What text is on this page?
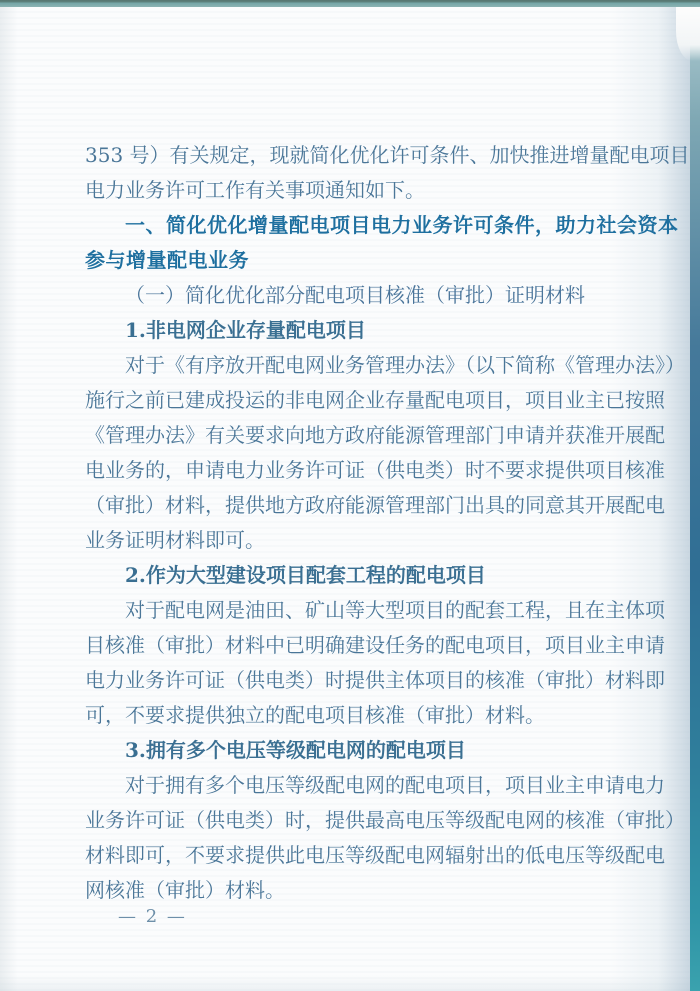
353 号）有关规定，现就简化优化许可条件、加快推进增量配电项目
电力业务许可工作有关事项通知如下。
一、简化优化增量配电项目电力业务许可条件，助力社会资本
参与增量配电业务
（一）简化优化部分配电项目核准（审批）证明材料
1.非电网企业存量配电项目
对于《有序放开配电网业务管理办法》（以下简称《管理办法》）
施行之前已建成投运的非电网企业存量配电项目，项目业主已按照
《管理办法》有关要求向地方政府能源管理部门申请并获准开展配
电业务的，申请电力业务许可证（供电类）时不要求提供项目核准
（审批）材料，提供地方政府能源管理部门出具的同意其开展配电
业务证明材料即可。
2.作为大型建设项目配套工程的配电项目
对于配电网是油田、矿山等大型项目的配套工程，且在主体项
目核准（审批）材料中已明确建设任务的配电项目，项目业主申请
电力业务许可证（供电类）时提供主体项目的核准（审批）材料即
可，不要求提供独立的配电项目核准（审批）材料。
3.拥有多个电压等级配电网的配电项目
对于拥有多个电压等级配电网的配电项目，项目业主申请电力
业务许可证（供电类）时，提供最高电压等级配电网的核准（审批）
材料即可，不要求提供此电压等级配电网辐射出的低电压等级配电
网核准（审批）材料。
— 2 —
